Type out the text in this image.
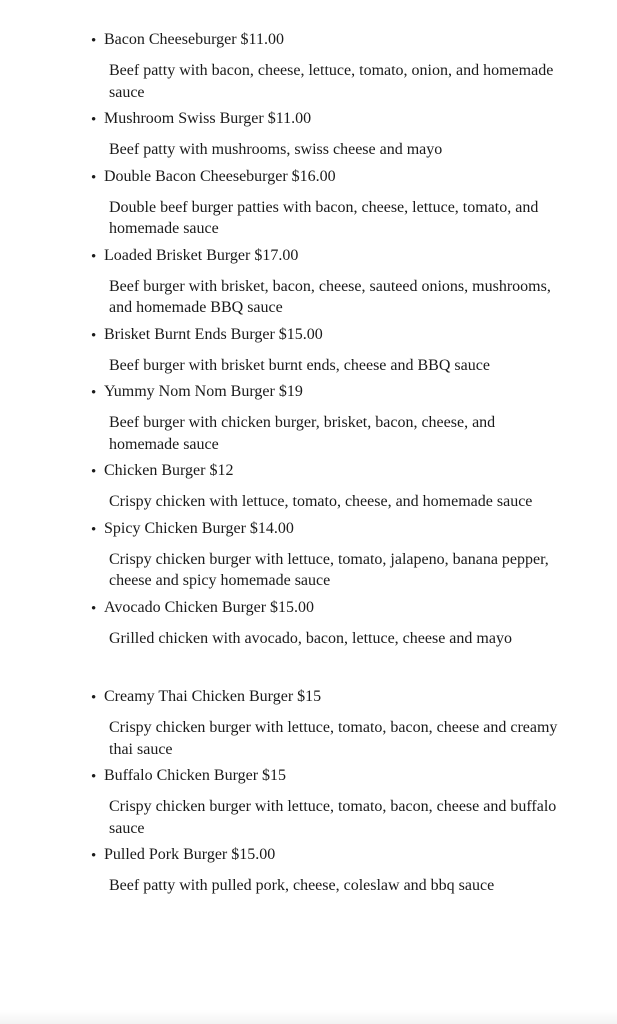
• Bacon Cheeseburger $11.00
Beef patty with bacon, cheese, lettuce, tomato, onion, and homemade sauce
• Mushroom Swiss Burger $11.00
Beef patty with mushrooms, swiss cheese and mayo
• Double Bacon Cheeseburger $16.00
Double beef burger patties with bacon, cheese, lettuce, tomato, and homemade sauce
• Loaded Brisket Burger $17.00
Beef burger with brisket, bacon, cheese, sauteed onions, mushrooms, and homemade BBQ sauce
• Brisket Burnt Ends Burger $15.00
Beef burger with brisket burnt ends, cheese and BBQ sauce
• Yummy Nom Nom Burger $19
Beef burger with chicken burger, brisket, bacon, cheese, and homemade sauce
• Chicken Burger $12
Crispy chicken with lettuce, tomato, cheese, and homemade sauce
• Spicy Chicken Burger $14.00
Crispy chicken burger with lettuce, tomato, jalapeno, banana pepper, cheese and spicy homemade sauce
• Avocado Chicken Burger $15.00
Grilled chicken with avocado, bacon, lettuce, cheese and mayo
• Creamy Thai Chicken Burger $15
Crispy chicken burger with lettuce, tomato, bacon, cheese and creamy thai sauce
• Buffalo Chicken Burger $15
Crispy chicken burger with lettuce, tomato, bacon, cheese and buffalo sauce
• Pulled Pork Burger $15.00
Beef patty with pulled pork, cheese, coleslaw and bbq sauce
